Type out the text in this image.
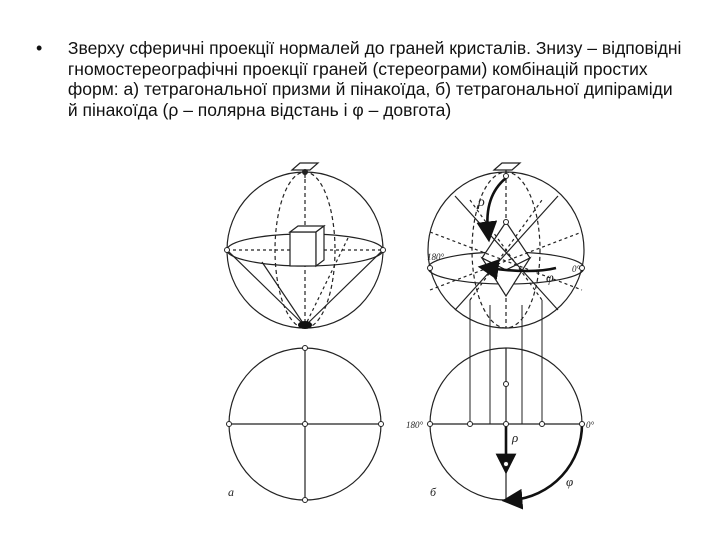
•	Зверху сферичні проекції нормалей до граней кристалів. Знизу – відповідні гномостереографічні проекції граней (стереограми) комбінацій простих форм: а) тетрагональної призми й пінакоїда, б) тетрагональної дипіраміди й пінакоїда (ρ – полярна відстань і φ – довгота)
а
ρ
φ
180°
0°
180°	0°
ρ
φ
б
